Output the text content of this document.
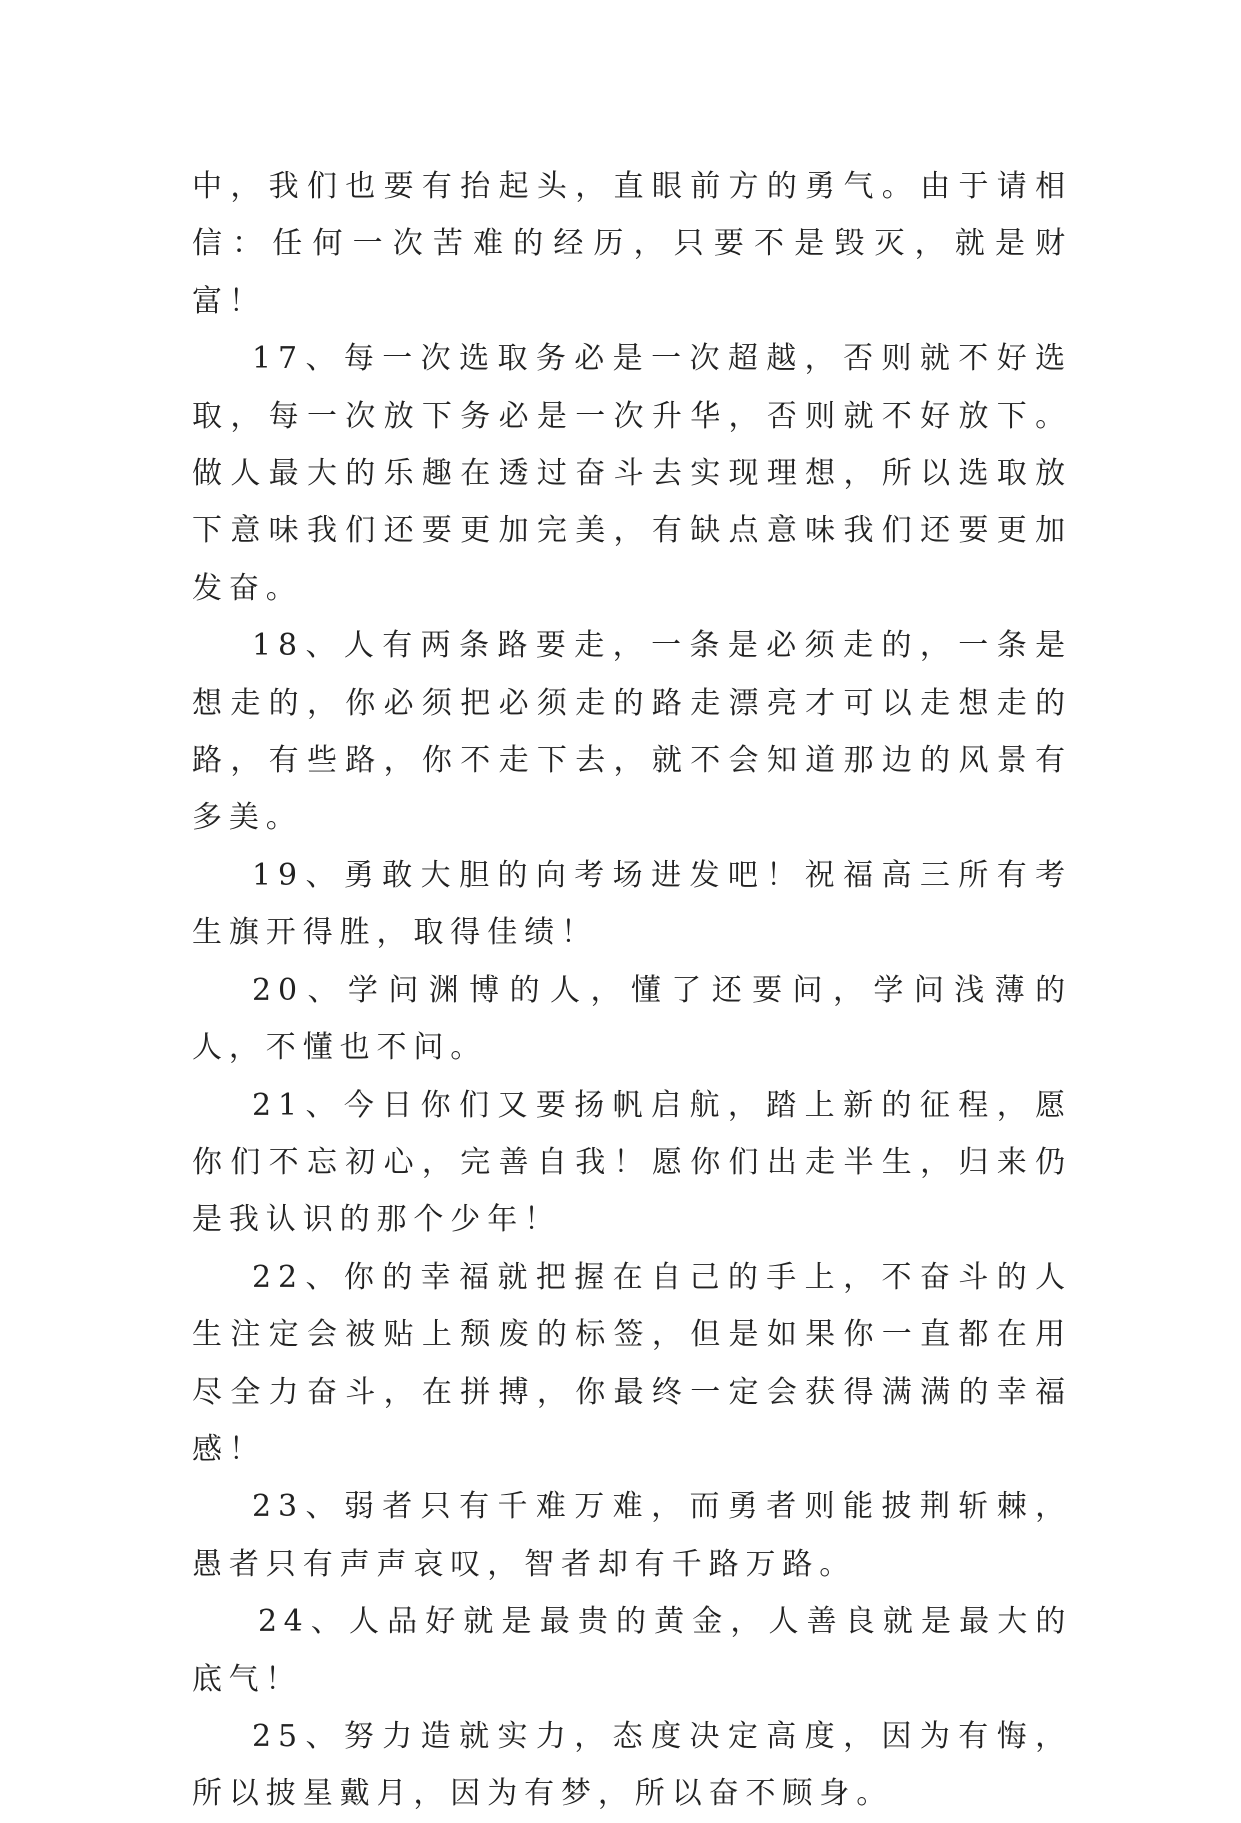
中，我们也要有抬起头，直眼前方的勇气。由于请相信：任何一次苦难的经历，只要不是毁灭，就是财富！

17、每一次选取务必是一次超越，否则就不好选取，每一次放下务必是一次升华，否则就不好放下。做人最大的乐趣在透过奋斗去实现理想，所以选取放下意味我们还要更加完美，有缺点意味我们还要更加发奋。

18、人有两条路要走，一条是必须走的，一条是想走的，你必须把必须走的路走漂亮才可以走想走的路，有些路，你不走下去，就不会知道那边的风景有多美。

19、勇敢大胆的向考场进发吧！祝福高三所有考生旗开得胜，取得佳绩！

20、学问渊博的人，懂了还要问，学问浅薄的人，不懂也不问。

21、今日你们又要扬帆启航，踏上新的征程，愿你们不忘初心，完善自我！愿你们出走半生，归来仍是我认识的那个少年！

22、你的幸福就把握在自己的手上，不奋斗的人生注定会被贴上颓废的标签，但是如果你一直都在用尽全力奋斗，在拼搏，你最终一定会获得满满的幸福感！

23、弱者只有千难万难，而勇者则能披荆斩棘，愚者只有声声哀叹，智者却有千路万路。

24、人品好就是最贵的黄金，人善良就是最大的底气！

25、努力造就实力，态度决定高度，因为有悔，所以披星戴月，因为有梦，所以奋不顾身。
